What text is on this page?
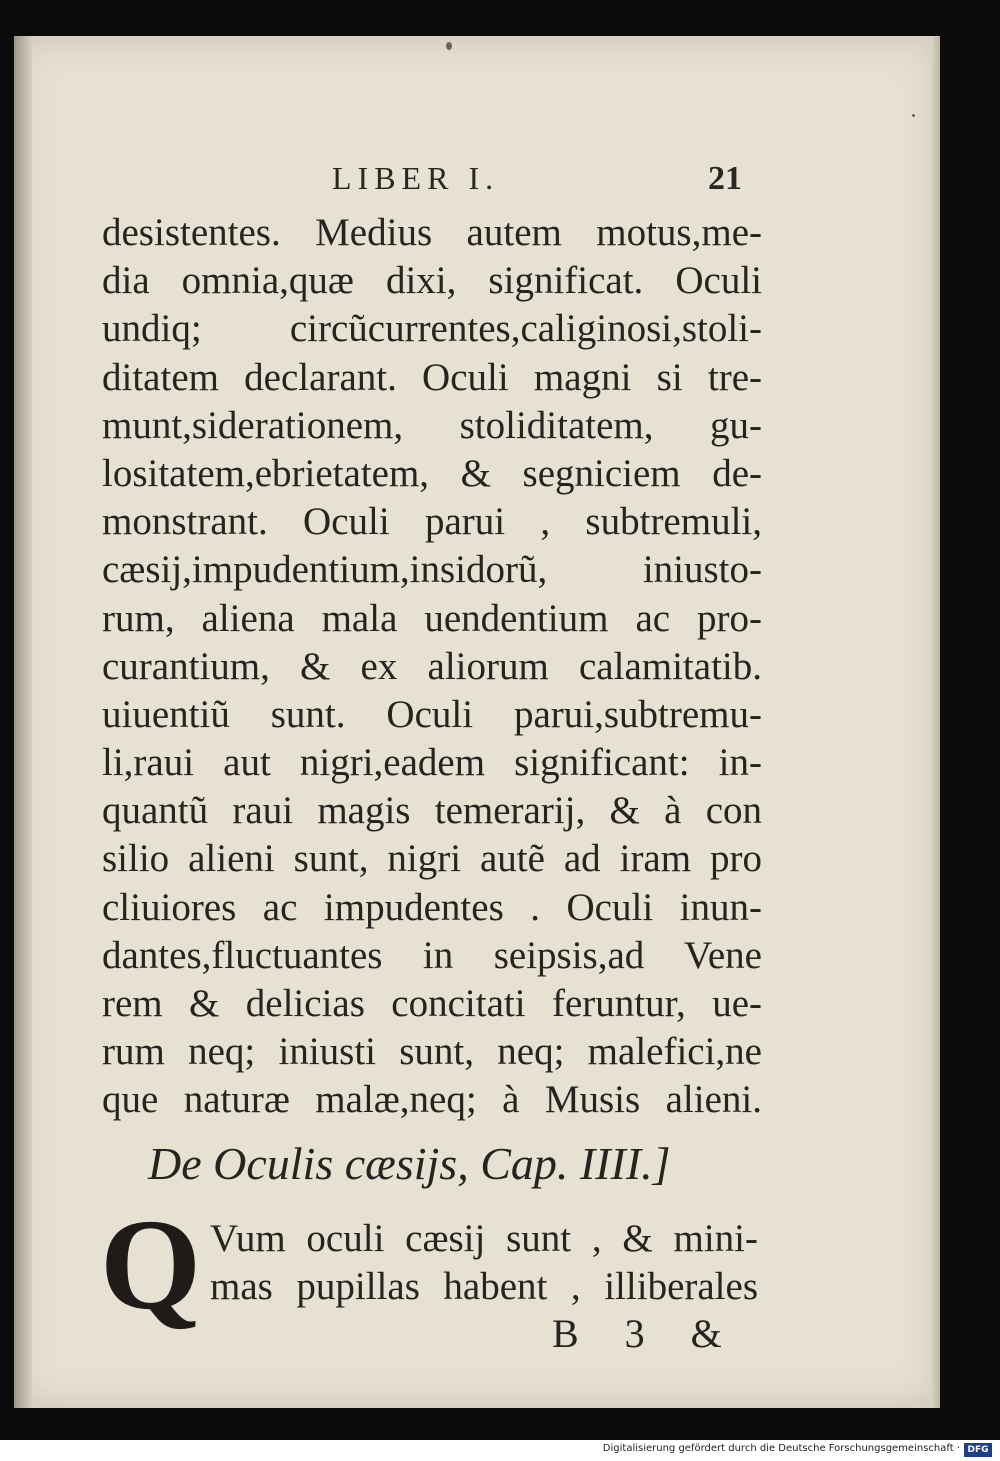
LIBER I.	21
desistentes. Medius autem motus,me-
dia omnia,quæ dixi, significat. Oculi
undiq; circũcurrentes,caliginosi,stoli-
ditatem declarant. Oculi magni si tre-
munt,siderationem, stoliditatem, gu-
lositatem,ebrietatem, & segniciem de-
monstrant. Oculi parui , subtremuli,
cæsij,impudentium,insidorũ, iniusto-
rum, aliena mala uendentium ac pro-
curantium, & ex aliorum calamitatib.
uiuentiũ sunt. Oculi parui,subtremu-
li,raui aut nigri,eadem significant: in-
quantũ raui magis temerarij, & à con
silio alieni sunt, nigri autẽ ad iram pro
cliuiores ac impudentes . Oculi inun-
dantes,fluctuantes in seipsis,ad Vene
rem & delicias concitati feruntur, ue-
rum neq; iniusti sunt, neq; malefici,ne
que naturæ malæ,neq; à Musis alieni.
De Oculis cæsijs, Cap. IIII.]
Q Vum oculi cæsij sunt , & mini-
mas pupillas habent , illiberales
B 3 &
Digitalisierung gefördert durch die Deutsche Forschungsgemeinschaft · DFG
